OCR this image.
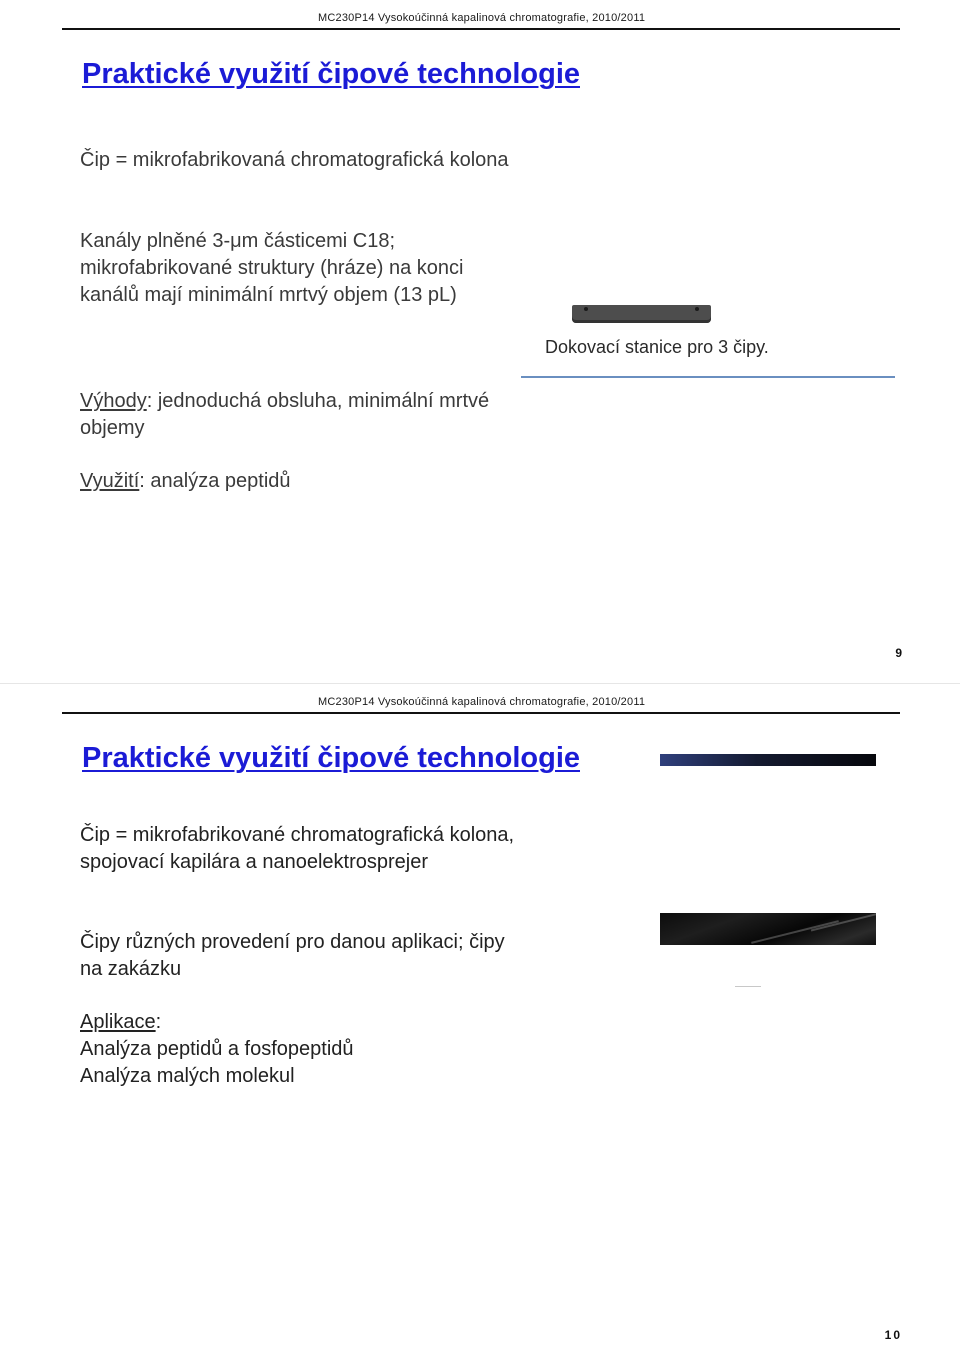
MC230P14 Vysokoúčinná kapalinová chromatografie, 2010/2011
Praktické využití čipové technologie

Čip = mikrofabrikovaná chromatografická kolona

Kanály plněné 3-μm částicemi C18; mikrofabrikované struktury (hráze) na konci kanálů mají minimální mrtvý objem (13 pL)

Výhody: jednoduchá obsluha, minimální mrtvé objemy

Využití: analýza peptidů

Dokovací stanice pro 3 čipy.
9
MC230P14 Vysokoúčinná kapalinová chromatografie, 2010/2011
Praktické využití čipové technologie

Čip = mikrofabrikované chromatografická kolona, spojovací kapilára a nanoelektrosprejer

Čipy různých provedení pro danou aplikaci; čipy na zakázku

Aplikace:
Analýza peptidů a fosfopeptidů
Analýza malých molekul

10
